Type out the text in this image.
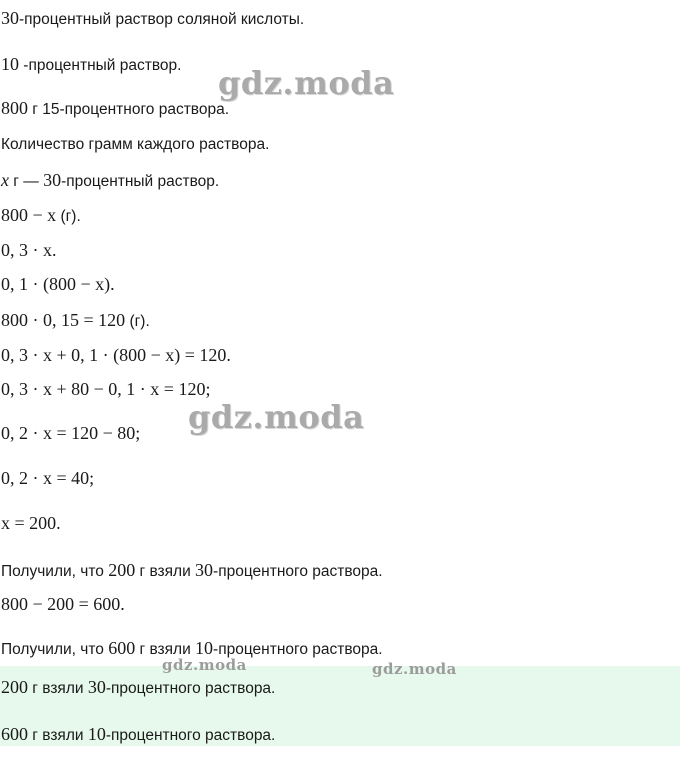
30-процентный раствор соляной кислоты.
10 -процентный раствор.
800 г 15-процентного раствора.
Количество грамм каждого раствора.
x г — 30-процентный раствор.
800 − x (г).
0, 3 · x.
0, 1 · (800 − x).
800 · 0, 15 = 120 (г).
0, 3 · x + 0, 1 · (800 − x) = 120.
0, 3 · x + 80 − 0, 1 · x = 120;
0, 2 · x = 120 − 80;
0, 2 · x = 40;
x = 200.
Получили, что 200 г взяли 30-процентного раствора.
800 − 200 = 600.
Получили, что 600 г взяли 10-процентного раствора.
200 г взяли 30-процентного раствора.
600 г взяли 10-процентного раствора.
gdz.moda
gdz.moda
gdz.moda	gdz.moda
